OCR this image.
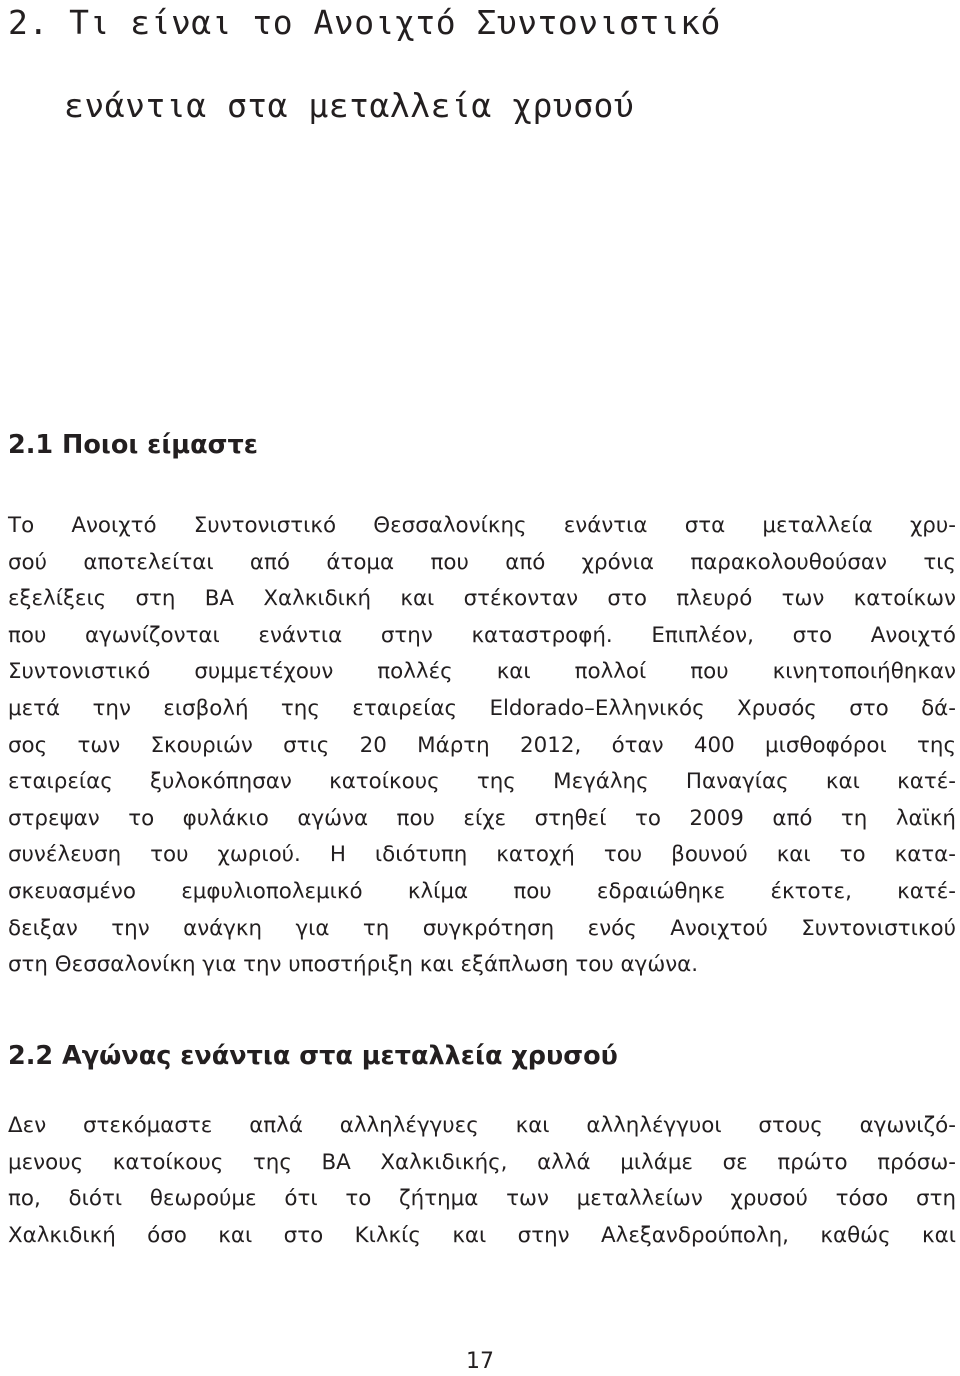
2. Τι είναι το Ανοιχτό Συντονιστικό
ενάντια στα μεταλλεία χρυσού
2.1 Ποιοι είμαστε

Το Ανοιχτό Συντονιστικό Θεσσαλονίκης ενάντια στα μεταλλεία χρυ-
σού αποτελείται από άτομα που από χρόνια παρακολουθούσαν τις
εξελίξεις στη ΒΑ Χαλκιδική και στέκονταν στο πλευρό των κατοίκων
που αγωνίζονται ενάντια στην καταστροφή. Επιπλέον, στο Ανοιχτό
Συντονιστικό συμμετέχουν πολλές και πολλοί που κινητοποιήθηκαν
μετά την εισβολή της εταιρείας Eldorado–Ελληνικός Χρυσός στο δά-
σος των Σκουριών στις 20 Μάρτη 2012, όταν 400 μισθοφόροι της
εταιρείας ξυλοκόπησαν κατοίκους της Μεγάλης Παναγίας και κατέ-
στρεψαν το φυλάκιο αγώνα που είχε στηθεί το 2009 από τη λαϊκή
συνέλευση του χωριού. Η ιδιότυπη κατοχή του βουνού και το κατα-
σκευασμένο εμφυλιοπολεμικό κλίμα που εδραιώθηκε έκτοτε, κατέ-
δειξαν την ανάγκη για τη συγκρότηση ενός Ανοιχτού Συντονιστικού
στη Θεσσαλονίκη για την υποστήριξη και εξάπλωση του αγώνα.

2.2 Αγώνας ενάντια στα μεταλλεία χρυσού

Δεν στεκόμαστε απλά αλληλέγγυες και αλληλέγγυοι στους αγωνιζό-
μενους κατοίκους της ΒΑ Χαλκιδικής, αλλά μιλάμε σε πρώτο πρόσω-
πο, διότι θεωρούμε ότι το ζήτημα των μεταλλείων χρυσού τόσο στη
Χαλκιδική όσο και στο Κιλκίς και στην Αλεξανδρούπολη, καθώς και

17
